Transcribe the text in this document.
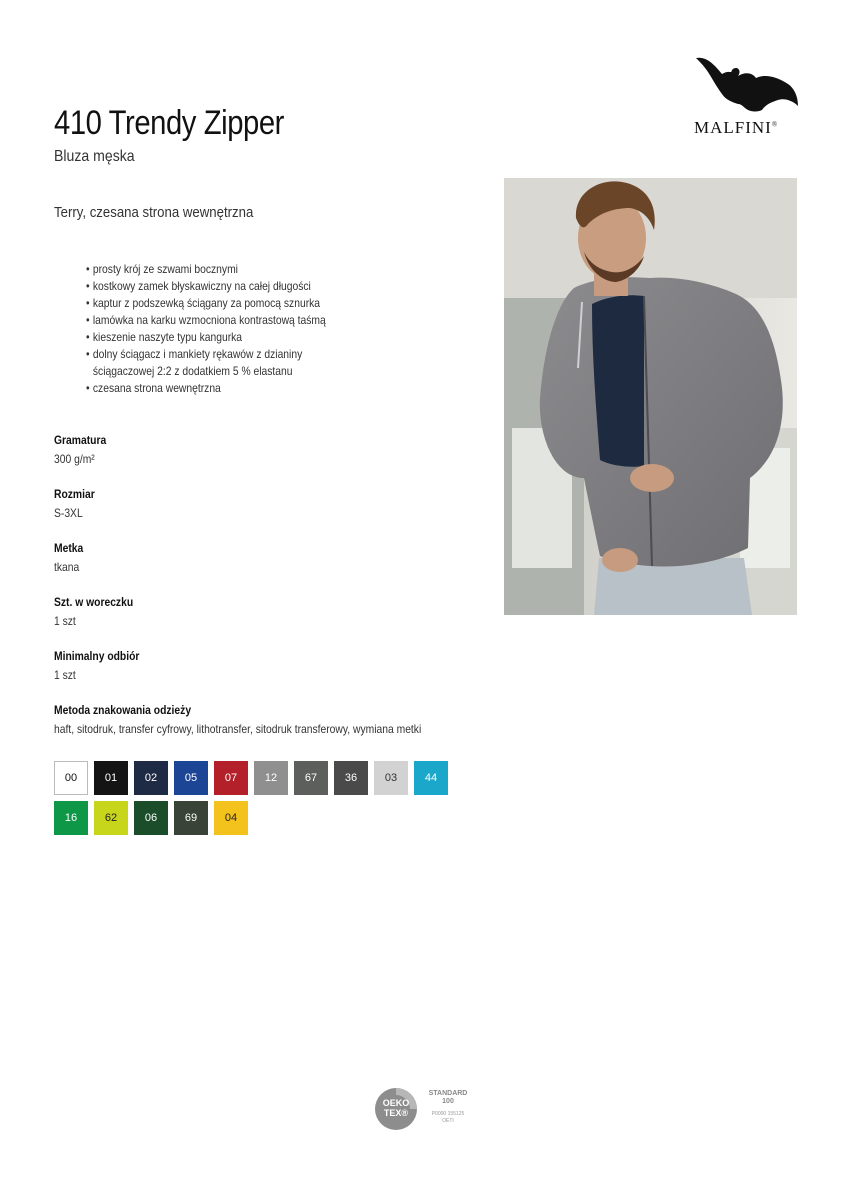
410 Trendy Zipper
Bluza męska
Terry, czesana strona wewnętrzna
• prosty krój ze szwami bocznymi
• kostkowy zamek błyskawiczny na całej długości
• kaptur z podszewką ściągany za pomocą sznurka
• lamówka na karku wzmocniona kontrastową taśmą
• kieszenie naszyte typu kangurka
• dolny ściągacz i mankiety rękawów z dzianiny
ściągaczowej 2:2 z dodatkiem 5 % elastanu
• czesana strona wewnętrzna
Gramatura
300 g/m²
Rozmiar
S-3XL
Metka
tkana
Szt. w woreczku
1 szt
Minimalny odbiór
1 szt
Metoda znakowania odzieży
haft, sitodruk, transfer cyfrowy, lithotransfer, sitodruk transferowy, wymiana metki
00	01	02	05	07	12	67	36	03	44
16	62	06	69	04
MALFINI®
OEKO
TEX®
STANDARD
100
P0000 155125
OETI
